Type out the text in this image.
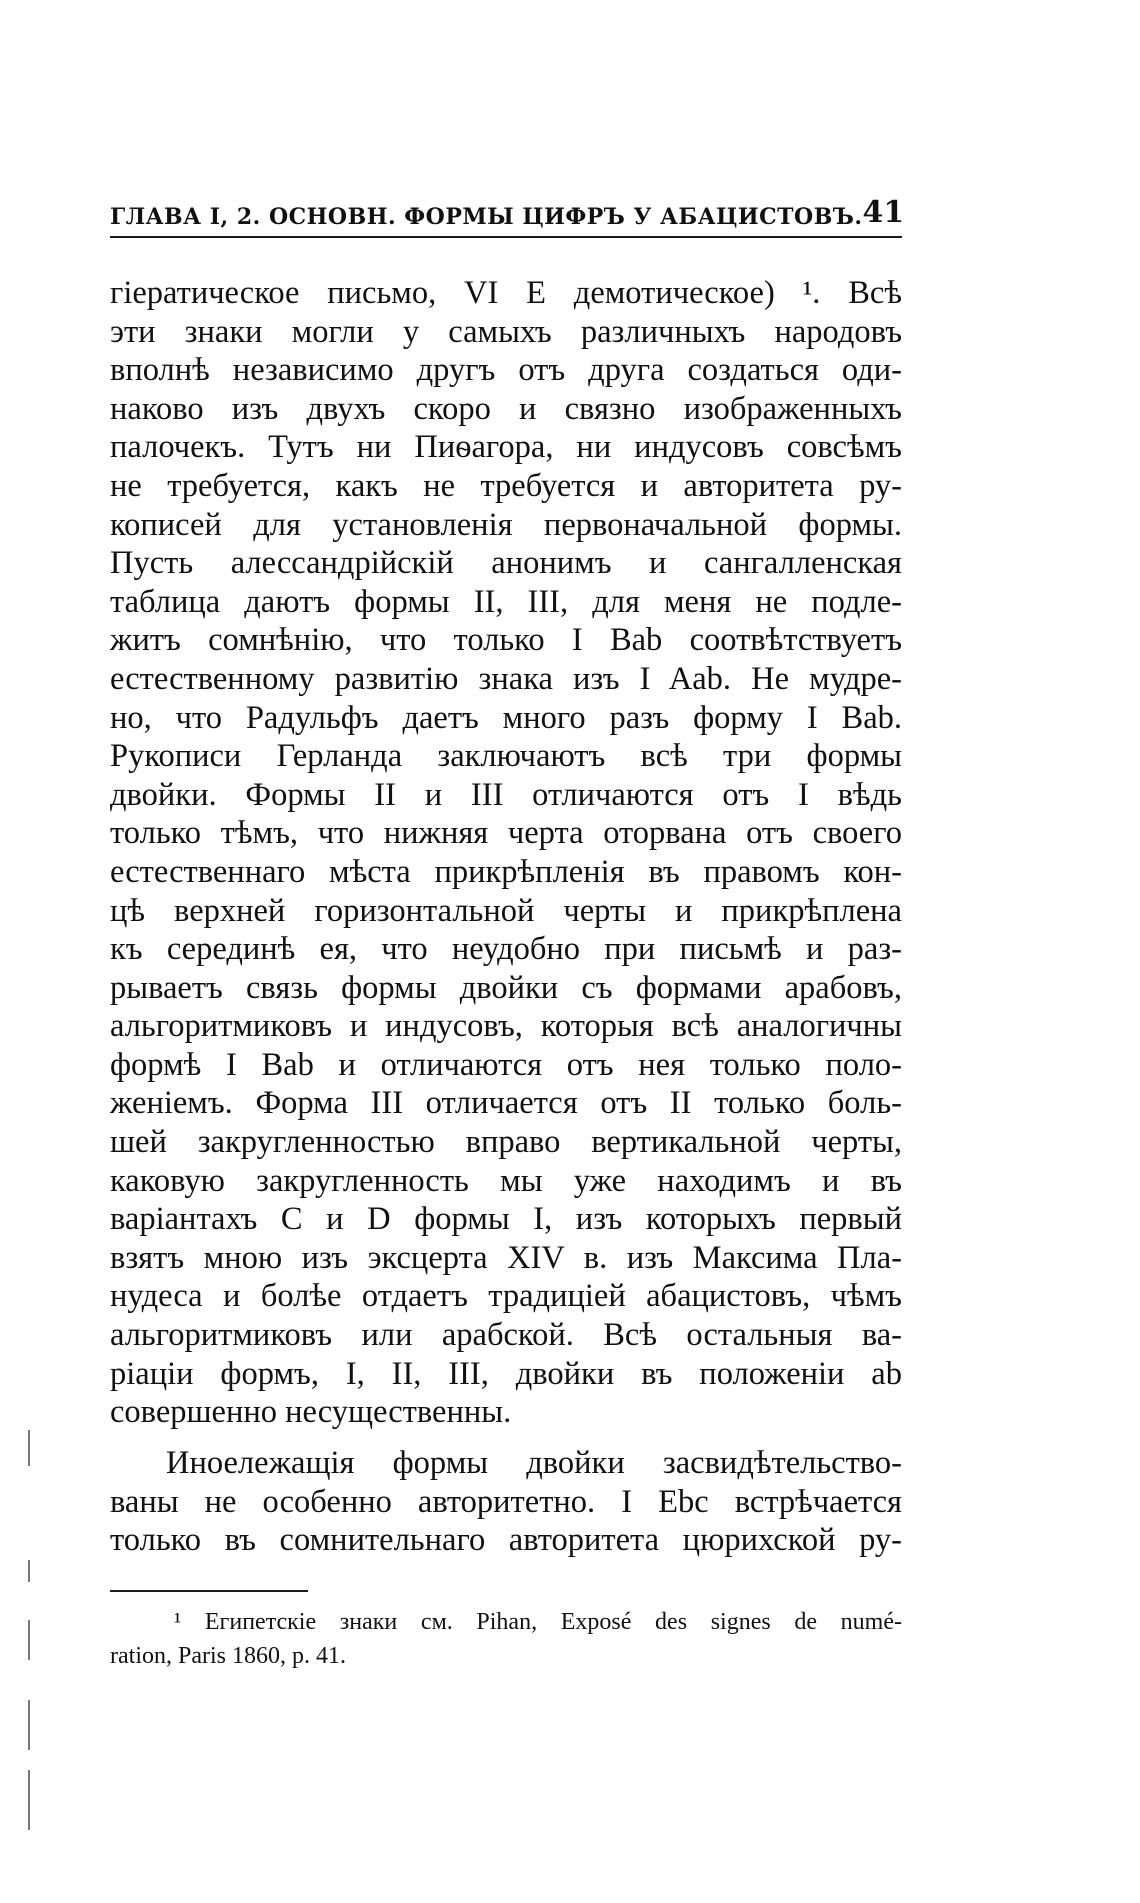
ГЛАВА I, 2. ОСНОВН. ФОРМЫ ЦИФРЪ У АБАЦИСТОВЪ. 41
гіератическое письмо, VI E демотическое) ¹. Всѣ
эти знаки могли у самыхъ различныхъ народовъ
вполнѣ независимо другъ отъ друга создаться оди-
наково изъ двухъ скоро и связно изображенныхъ
палочекъ. Тутъ ни Пиѳагора, ни индусовъ совсѣмъ
не требуется, какъ не требуется и авторитета ру-
кописей для установленія первоначальной формы.
Пусть алессандрійскій анонимъ и сангалленская
таблица даютъ формы II, III, для меня не подле-
житъ сомнѣнію, что только I Bab соотвѣтствуетъ
естественному развитію знака изъ I Aab. Не мудре-
но, что Радульфъ даетъ много разъ форму I Bab.
Рукописи Герланда заключаютъ всѣ три формы
двойки. Формы II и III отличаются отъ I вѣдь
только тѣмъ, что нижняя черта оторвана отъ своего
естественнаго мѣста прикрѣпленія въ правомъ кон-
цѣ верхней горизонтальной черты и прикрѣплена
къ серединѣ ея, что неудобно при письмѣ и раз-
рываетъ связь формы двойки съ формами арабовъ,
альгоритмиковъ и индусовъ, которыя всѣ аналогичны
формѣ I Bab и отличаются отъ нея только поло-
женіемъ. Форма III отличается отъ II только боль-
шей закругленностью вправо вертикальной черты,
каковую закругленность мы уже находимъ и въ
варіантахъ C и D формы I, изъ которыхъ первый
взятъ мною изъ эксцерта XIV в. изъ Максима Пла-
нудеса и болѣе отдаетъ традиціей абацистовъ, чѣмъ
альгоритмиковъ или арабской. Всѣ остальныя ва-
ріаціи формъ, I, II, III, двойки въ положеніи ab
совершенно несущественны.
Иноележащія формы двойки засвидѣтельство-
ваны не особенно авторитетно. I Ebc встрѣчается
только въ сомнительнаго авторитета цюрихской ру-
¹ Египетскіе знаки см. Pihan, Exposé des signes de numé-
ration, Paris 1860, p. 41.
